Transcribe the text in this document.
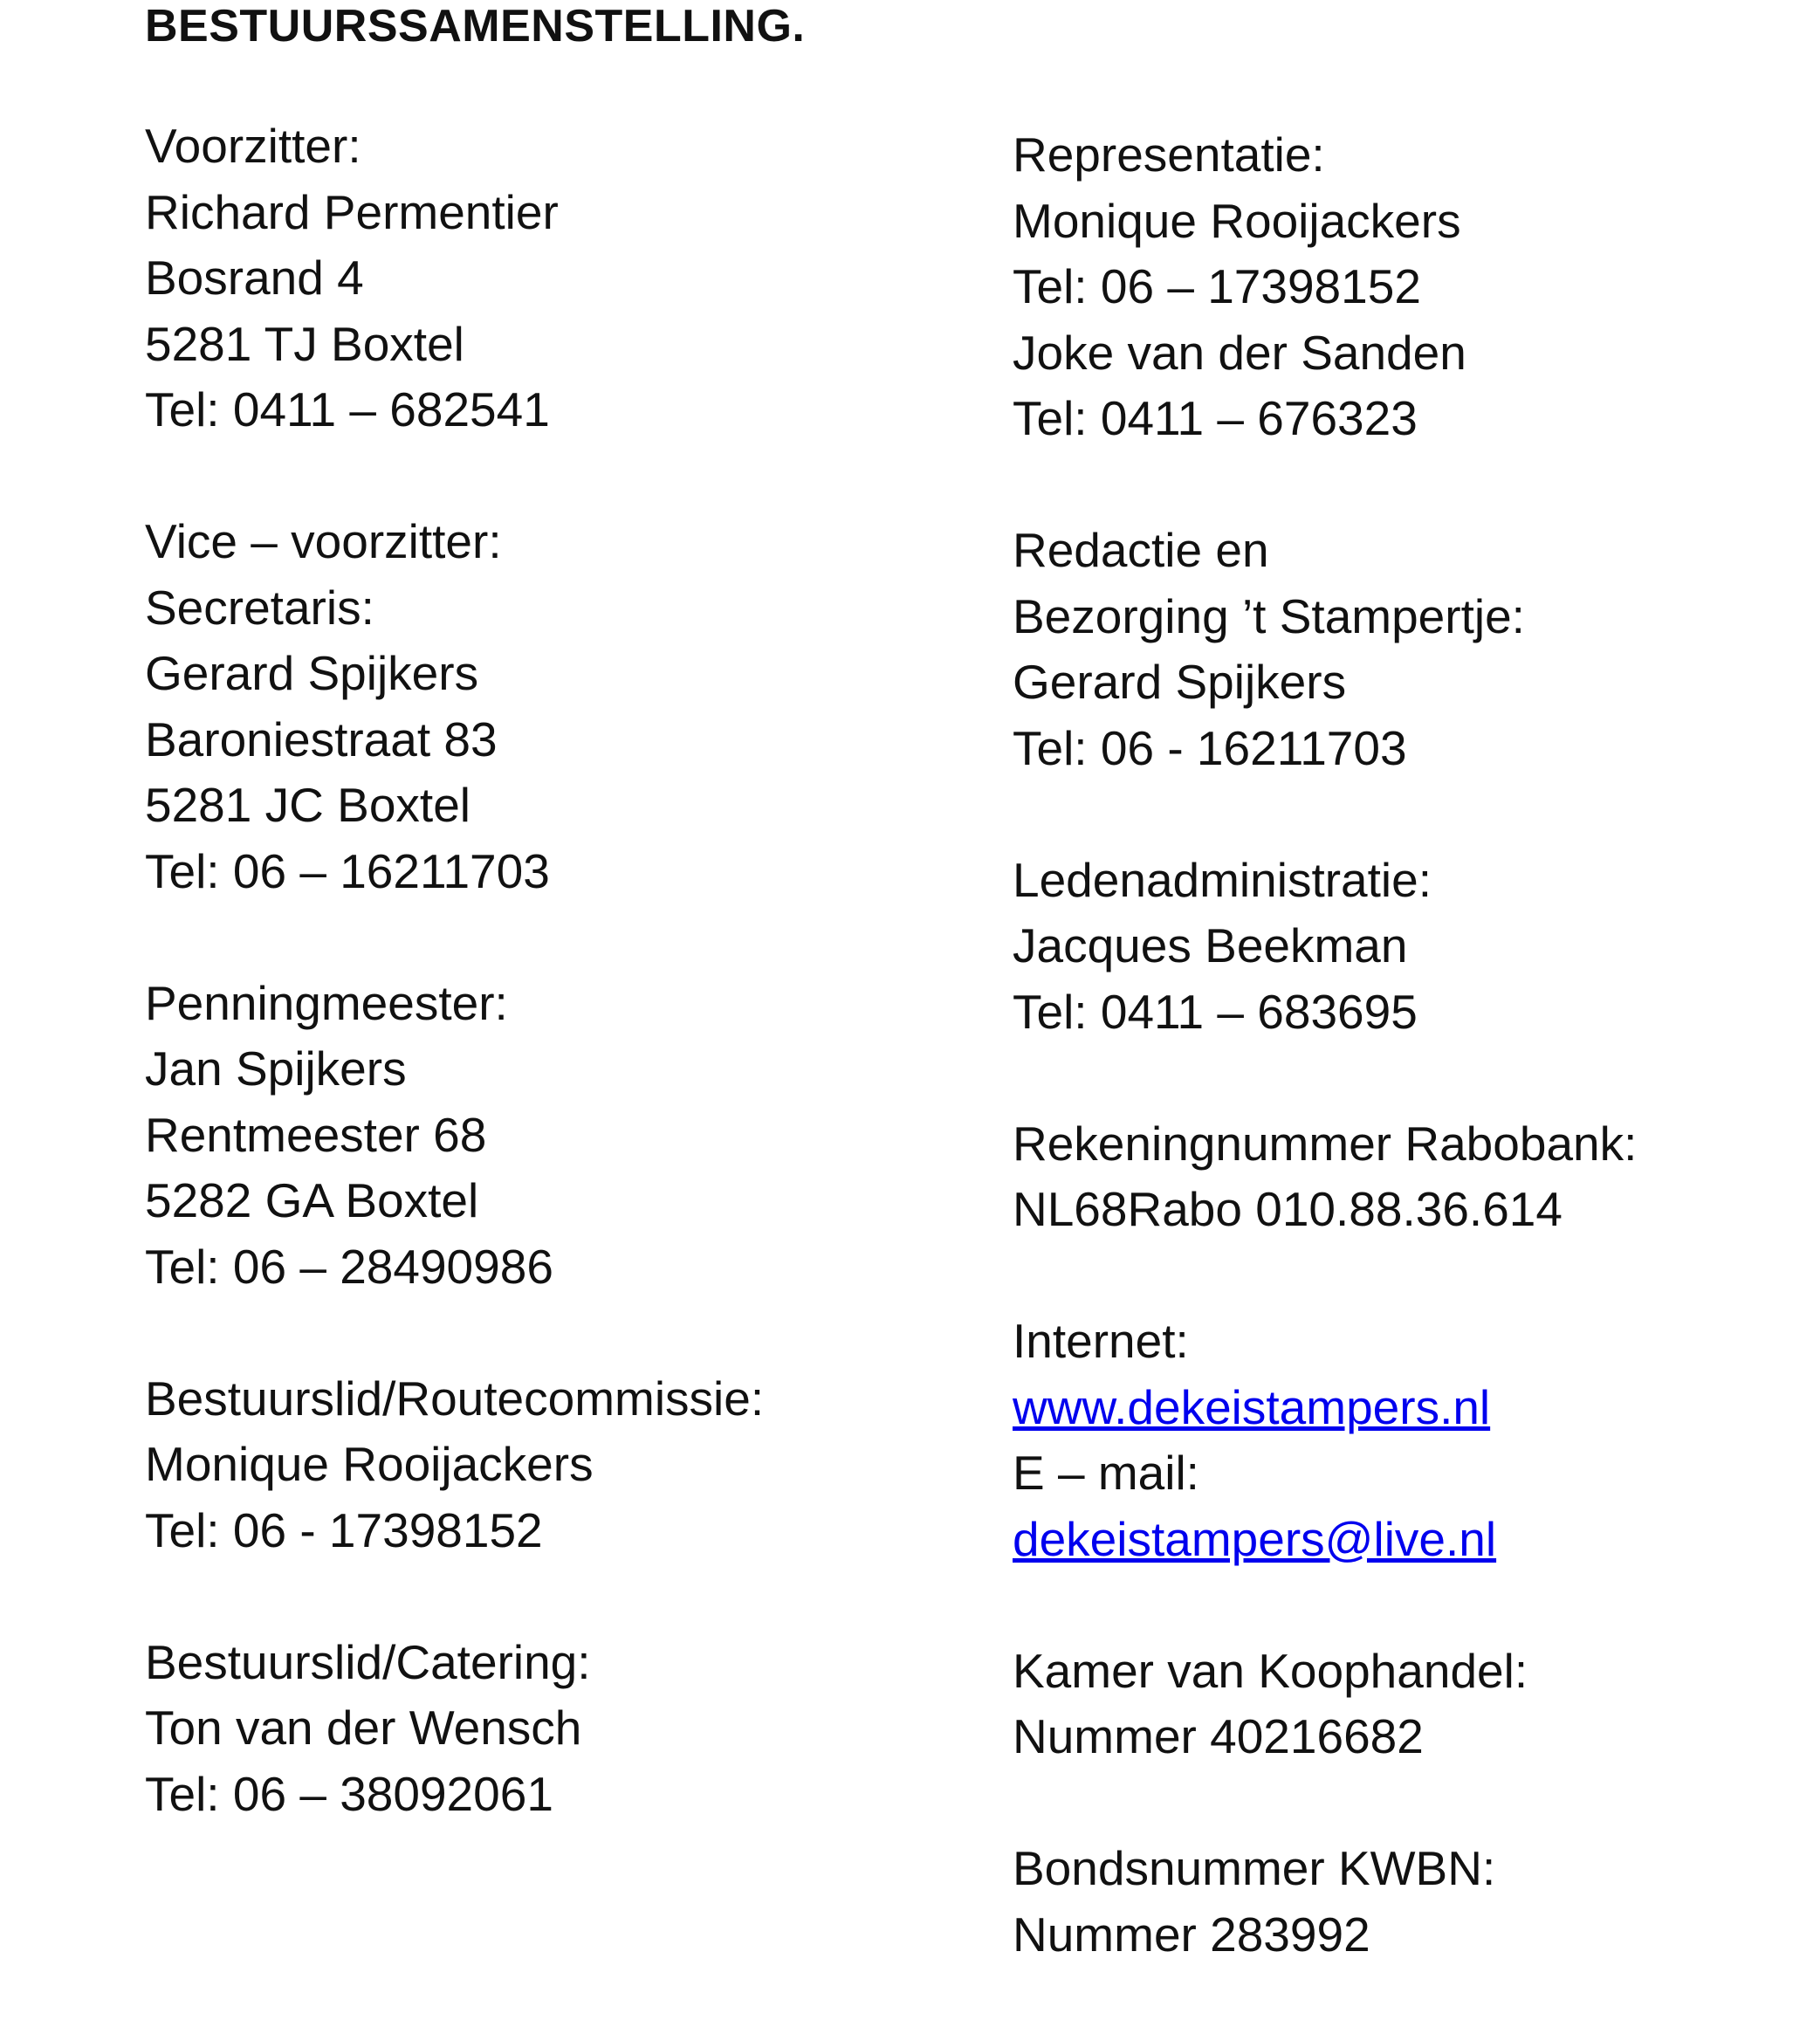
BESTUURSSAMENSTELLING.
Voorzitter:
Richard Permentier
Bosrand 4
5281 TJ Boxtel
Tel: 0411 – 682541
Vice – voorzitter:
Secretaris:
Gerard Spijkers
Baroniestraat 83
5281 JC Boxtel
Tel: 06 – 16211703
Penningmeester:
Jan Spijkers
Rentmeester 68
5282 GA Boxtel
Tel: 06 – 28490986
Bestuurslid/Routecommissie:
Monique Rooijackers
Tel: 06 - 17398152
Bestuurslid/Catering:
Ton van der Wensch
Tel: 06 – 38092061
Representatie:
Monique Rooijackers
Tel: 06 – 17398152
Joke van der Sanden
Tel: 0411 – 676323
Redactie en
Bezorging ’t Stampertje:
Gerard Spijkers
Tel: 06 - 16211703
Ledenadministratie:
Jacques Beekman
Tel: 0411 – 683695
Rekeningnummer Rabobank:
NL68Rabo 010.88.36.614
Internet:
www.dekeistampers.nl
E – mail:
dekeistampers@live.nl
Kamer van Koophandel:
Nummer 40216682
Bondsnummer KWBN:
Nummer 283992
